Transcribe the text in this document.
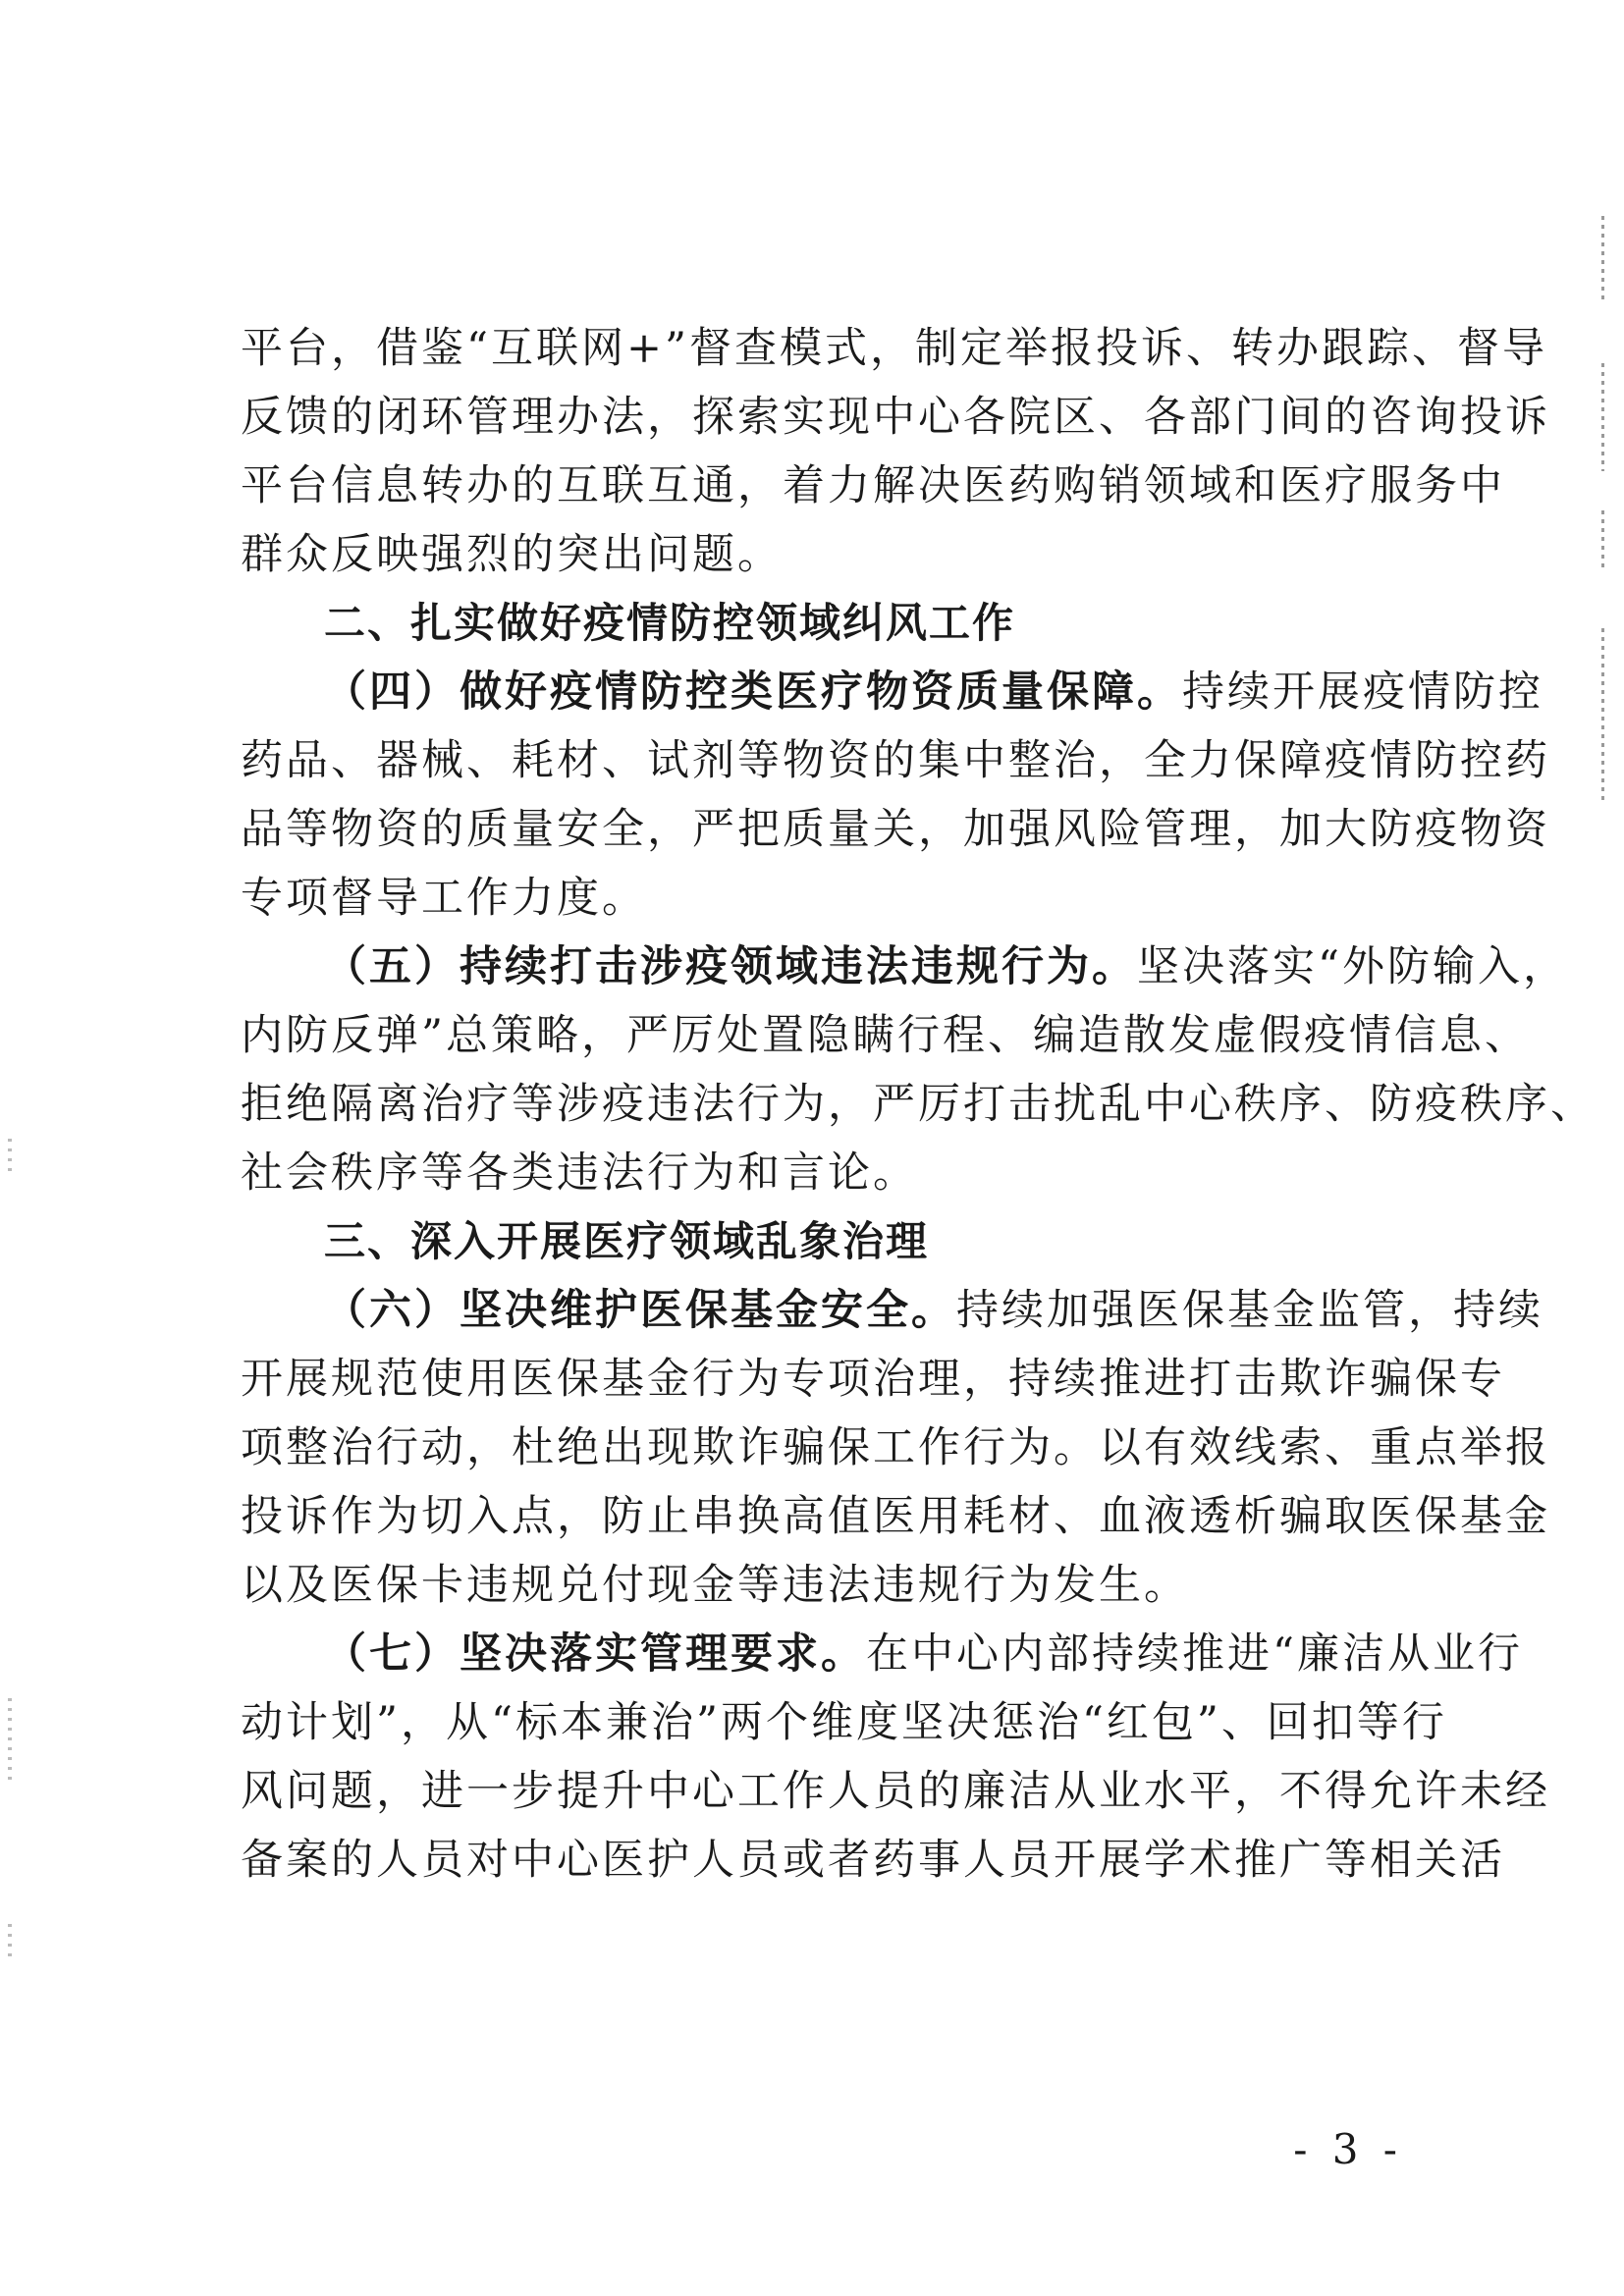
平台，借鉴“互联网+”督查模式，制定举报投诉、转办跟踪、督导
反馈的闭环管理办法，探索实现中心各院区、各部门间的咨询投诉
平台信息转办的互联互通，着力解决医药购销领域和医疗服务中
群众反映强烈的突出问题。
二、扎实做好疫情防控领域纠风工作
（四）做好疫情防控类医疗物资质量保障。持续开展疫情防控
药品、器械、耗材、试剂等物资的集中整治，全力保障疫情防控药
品等物资的质量安全，严把质量关，加强风险管理，加大防疫物资
专项督导工作力度。
（五）持续打击涉疫领域违法违规行为。坚决落实“外防输入，
内防反弹”总策略，严厉处置隐瞒行程、编造散发虚假疫情信息、
拒绝隔离治疗等涉疫违法行为，严厉打击扰乱中心秩序、防疫秩序、
社会秩序等各类违法行为和言论。
三、深入开展医疗领域乱象治理
（六）坚决维护医保基金安全。持续加强医保基金监管，持续
开展规范使用医保基金行为专项治理，持续推进打击欺诈骗保专
项整治行动，杜绝出现欺诈骗保工作行为。以有效线索、重点举报
投诉作为切入点，防止串换高值医用耗材、血液透析骗取医保基金
以及医保卡违规兑付现金等违法违规行为发生。
（七）坚决落实管理要求。在中心内部持续推进“廉洁从业行
动计划”，从“标本兼治”两个维度坚决惩治“红包”、回扣等行
风问题，进一步提升中心工作人员的廉洁从业水平，不得允许未经
备案的人员对中心医护人员或者药事人员开展学术推广等相关活
- 3 -
